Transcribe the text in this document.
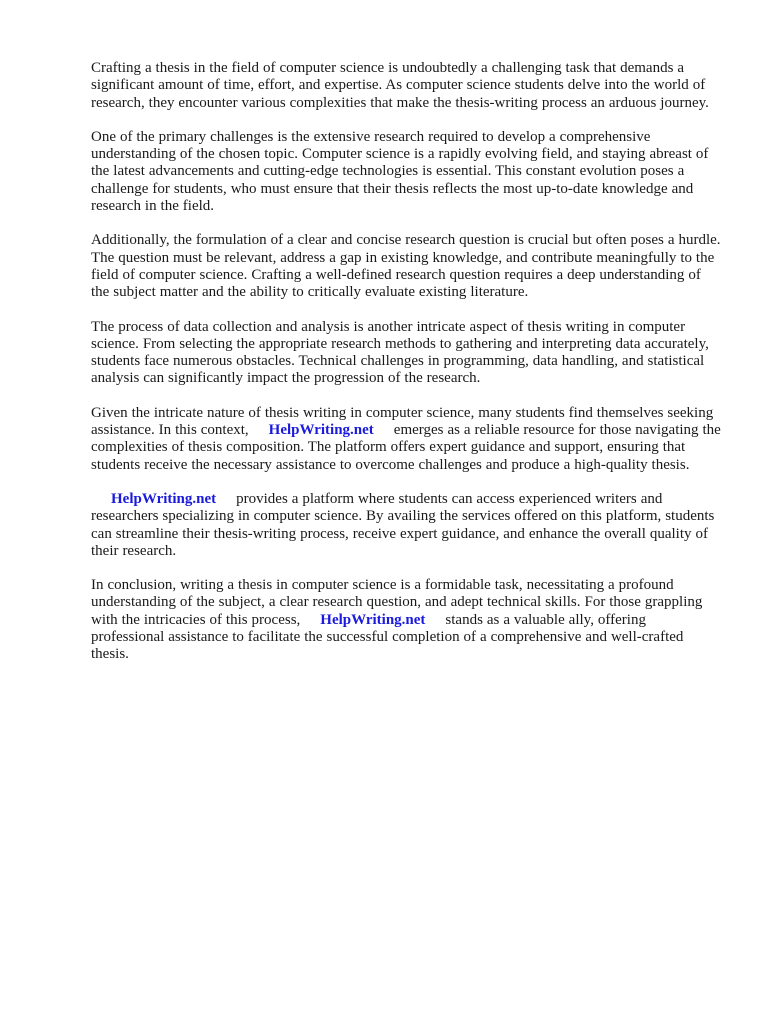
Crafting a thesis in the field of computer science is undoubtedly a challenging task that demands a significant amount of time, effort, and expertise. As computer science students delve into the world of research, they encounter various complexities that make the thesis-writing process an arduous journey.

One of the primary challenges is the extensive research required to develop a comprehensive understanding of the chosen topic. Computer science is a rapidly evolving field, and staying abreast of the latest advancements and cutting-edge technologies is essential. This constant evolution poses a challenge for students, who must ensure that their thesis reflects the most up-to-date knowledge and research in the field.

Additionally, the formulation of a clear and concise research question is crucial but often poses a hurdle. The question must be relevant, address a gap in existing knowledge, and contribute meaningfully to the field of computer science. Crafting a well-defined research question requires a deep understanding of the subject matter and the ability to critically evaluate existing literature.

The process of data collection and analysis is another intricate aspect of thesis writing in computer science. From selecting the appropriate research methods to gathering and interpreting data accurately, students face numerous obstacles. Technical challenges in programming, data handling, and statistical analysis can significantly impact the progression of the research.

Given the intricate nature of thesis writing in computer science, many students find themselves seeking assistance. In this context, HelpWriting.net emerges as a reliable resource for those navigating the complexities of thesis composition. The platform offers expert guidance and support, ensuring that students receive the necessary assistance to overcome challenges and produce a high-quality thesis.

HelpWriting.net provides a platform where students can access experienced writers and researchers specializing in computer science. By availing the services offered on this platform, students can streamline their thesis-writing process, receive expert guidance, and enhance the overall quality of their research.

In conclusion, writing a thesis in computer science is a formidable task, necessitating a profound understanding of the subject, a clear research question, and adept technical skills. For those grappling with the intricacies of this process, HelpWriting.net stands as a valuable ally, offering professional assistance to facilitate the successful completion of a comprehensive and well-crafted thesis.
